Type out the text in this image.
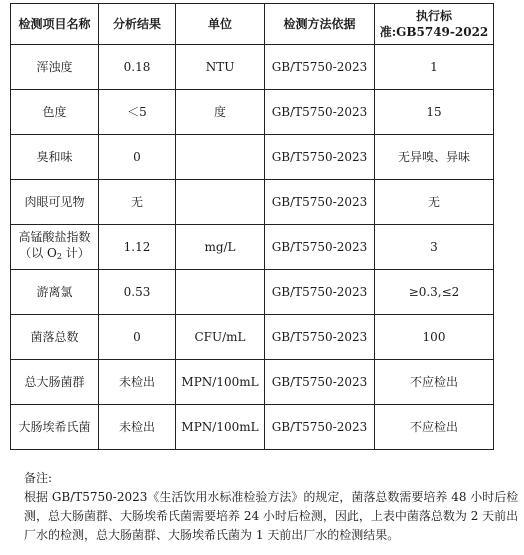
检测项目名称	分析结果	单位	检测方法依据	执行标
准:GB5749-2022
浑浊度	0.18	NTU	GB/T5750-2023	1
色度	＜5	度	GB/T5750-2023	15
臭和味	0		GB/T5750-2023	无异嗅、异味
肉眼可见物	无		GB/T5750-2023	无
高锰酸盐指数
（以 $O_2$ 计）	1.12	mg/L	GB/T5750-2023	3
游离氯	0.53		GB/T5750-2023	≥0.3,≤2
菌落总数	0	CFU/mL	GB/T5750-2023	100
总大肠菌群	未检出	MPN/100mL	GB/T5750-2023	不应检出
大肠埃希氏菌	未检出	MPN/100mL	GB/T5750-2023	不应检出

备注:

根据 GB/T5750-2023《生活饮用水标准检验方法》的规定，菌落总数需要培养 48 小时后检测，总大肠菌群、大肠埃希氏菌需要培养 24 小时后检测，因此，上表中菌落总数为 2 天前出厂水的检测，总大肠菌群、大肠埃希氏菌为 1 天前出厂水的检测结果。
